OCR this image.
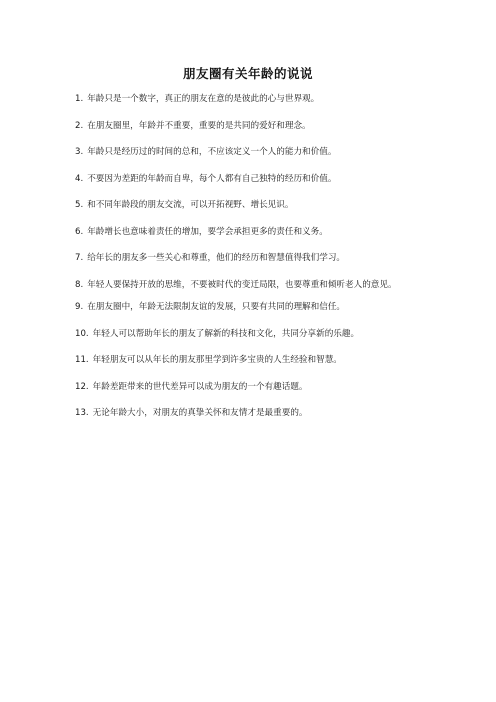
朋友圈有关年龄的说说
1. 年龄只是一个数字，真正的朋友在意的是彼此的心与世界观。
2. 在朋友圈里，年龄并不重要，重要的是共同的爱好和理念。
3. 年龄只是经历过的时间的总和，不应该定义一个人的能力和价值。
4. 不要因为差距的年龄而自卑，每个人都有自己独特的经历和价值。
5. 和不同年龄段的朋友交流，可以开拓视野、增长见识。
6. 年龄增长也意味着责任的增加，要学会承担更多的责任和义务。
7. 给年长的朋友多一些关心和尊重，他们的经历和智慧值得我们学习。
8. 年轻人要保持开放的思维，不要被时代的变迁局限，也要尊重和倾听老人的意见。
9. 在朋友圈中，年龄无法限制友谊的发展，只要有共同的理解和信任。
10. 年轻人可以帮助年长的朋友了解新的科技和文化，共同分享新的乐趣。
11. 年轻朋友可以从年长的朋友那里学到许多宝贵的人生经验和智慧。
12. 年龄差距带来的世代差异可以成为朋友的一个有趣话题。
13. 无论年龄大小，对朋友的真挚关怀和友情才是最重要的。
